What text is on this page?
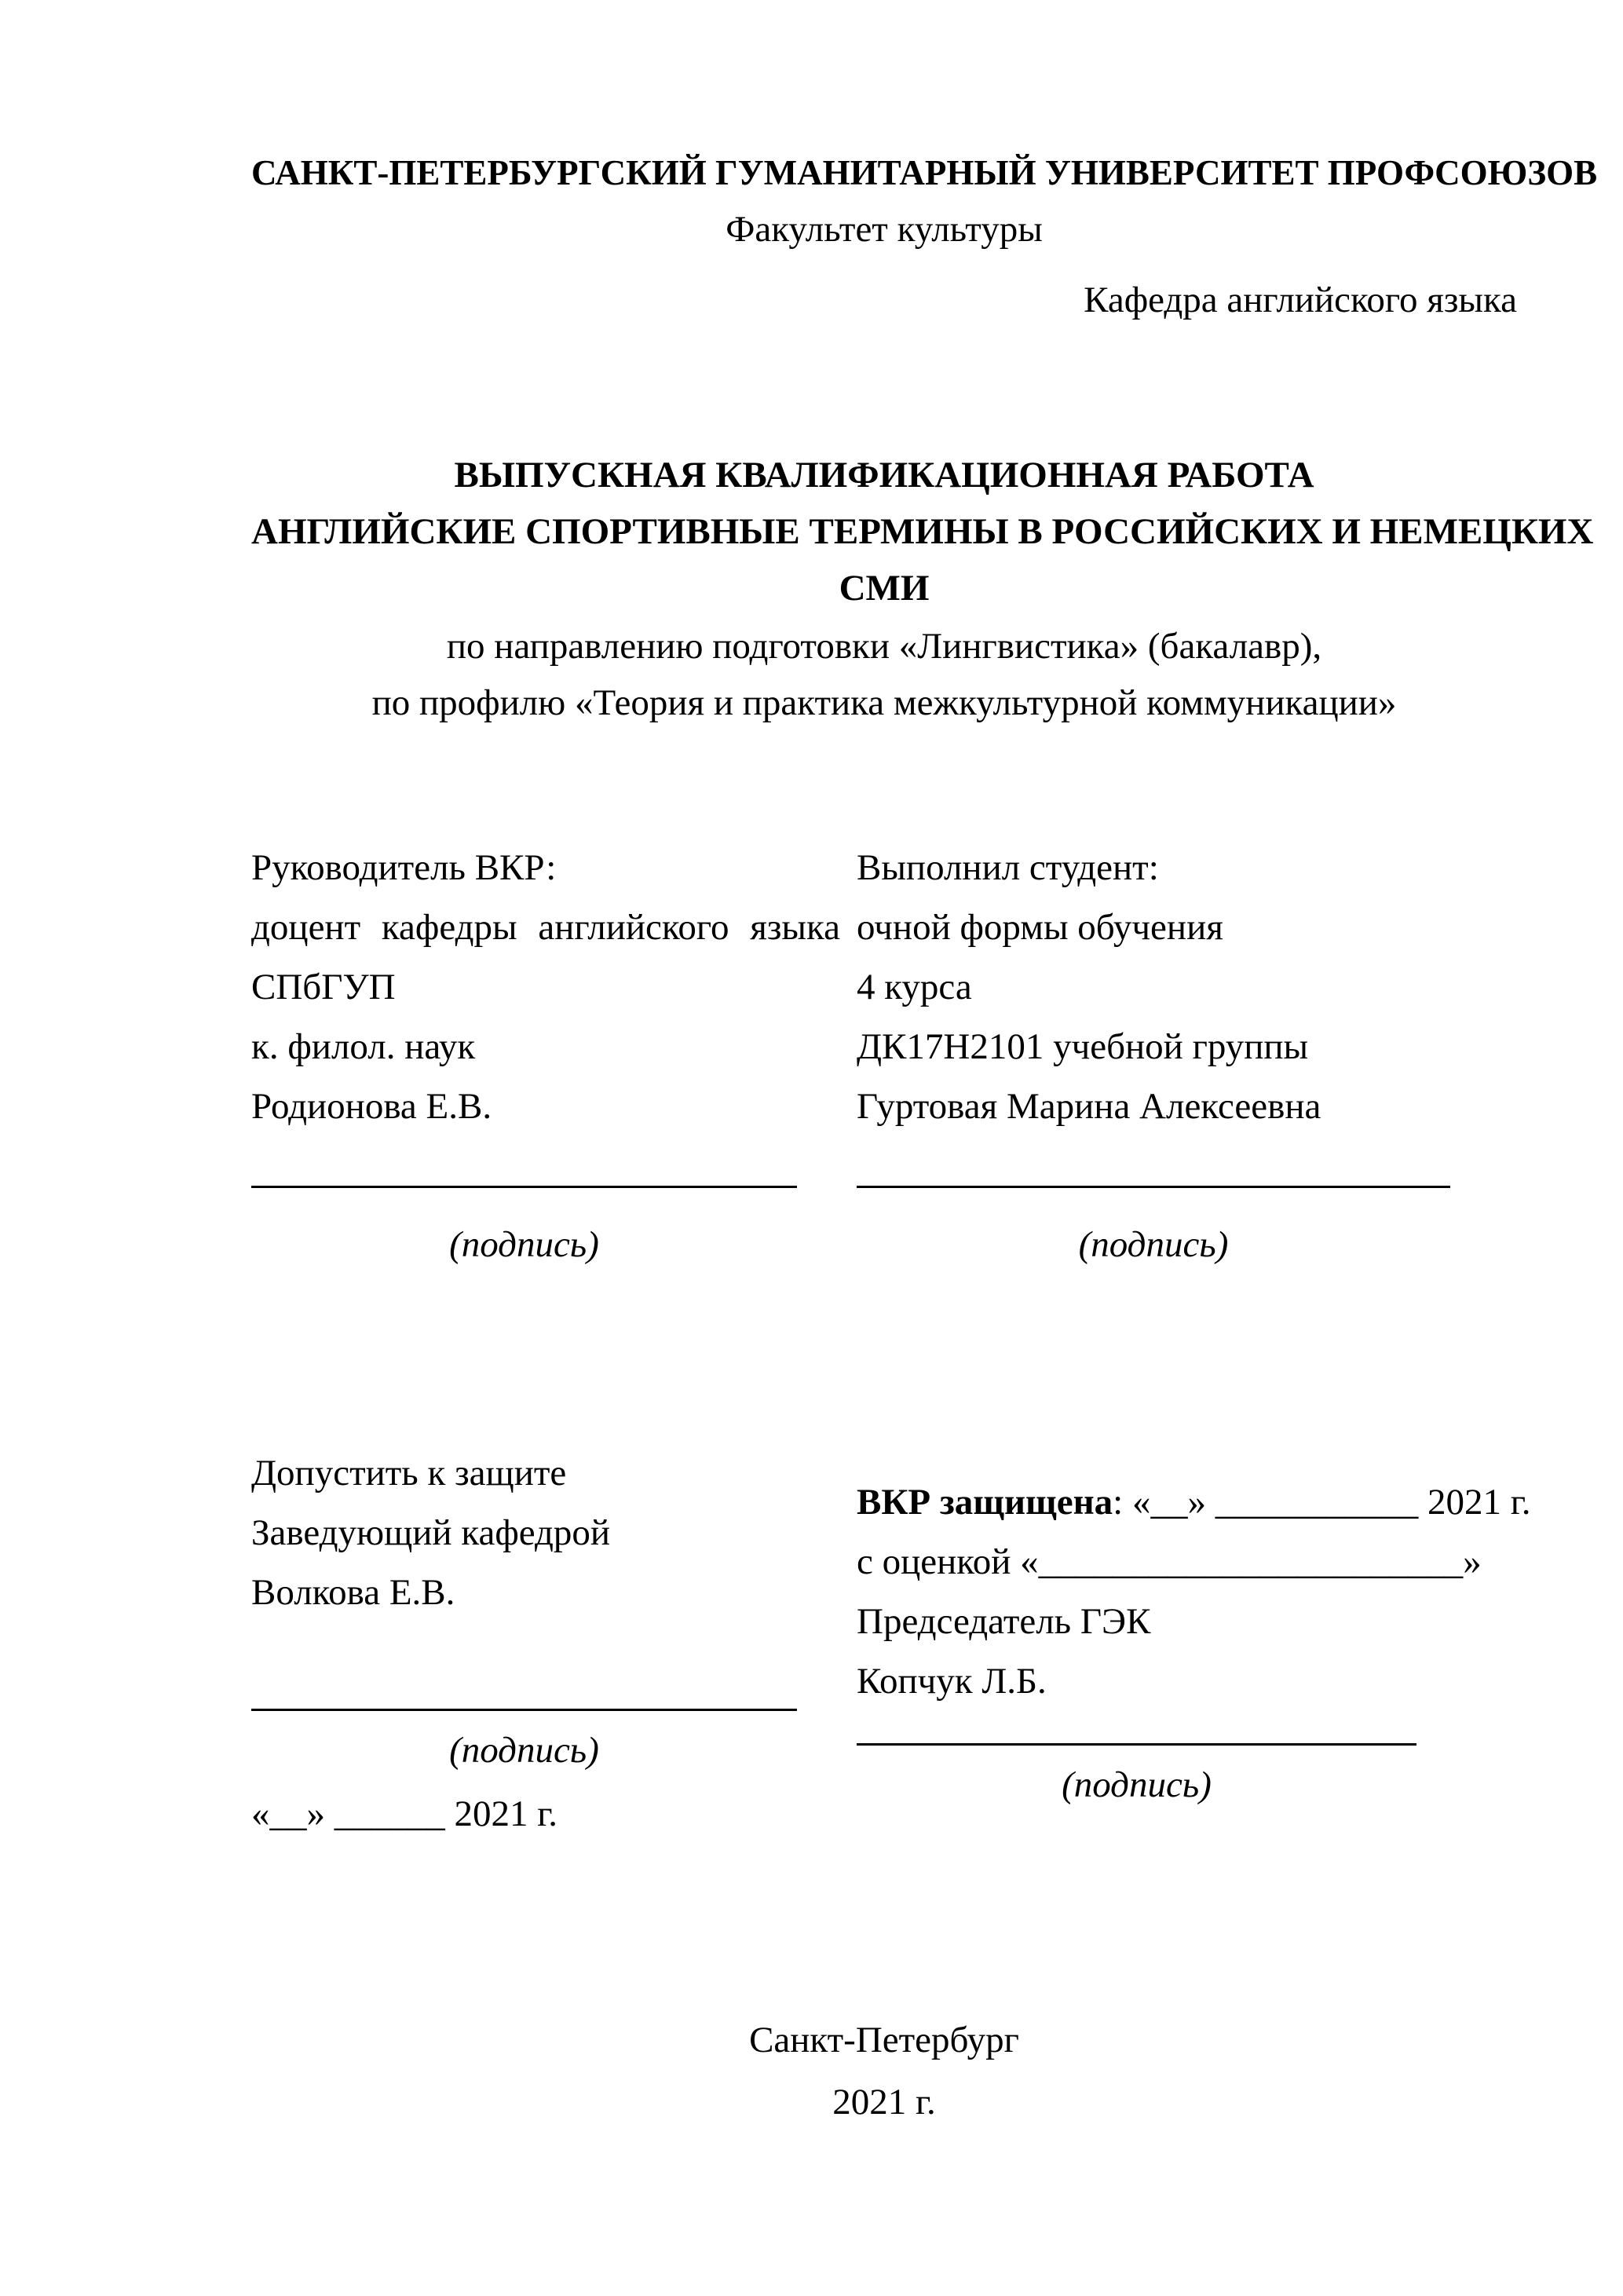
САНКТ-ПЕТЕРБУРГСКИЙ ГУМАНИТАРНЫЙ УНИВЕРСИТЕТ ПРОФСОЮЗОВ
Факультет культуры
Кафедра английского языка
ВЫПУСКНАЯ КВАЛИФИКАЦИОННАЯ РАБОТА
АНГЛИЙСКИЕ СПОРТИВНЫЕ ТЕРМИНЫ В РОССИЙСКИХ И НЕМЕЦКИХ
СМИ
по направлению подготовки «Лингвистика» (бакалавр),
по профилю «Теория и практика межкультурной коммуникации»
Руководитель ВКР:
доцент кафедры английского языка
СПбГУП
к. филол. наук
Родионова Е.В.
(подпись)
Выполнил студент:
очной формы обучения
4 курса
ДК17Н2101 учебной группы
Гуртовая Марина Алексеевна
(подпись)
Допустить к защите
Заведующий кафедрой
Волкова Е.В.
(подпись)
«__» ______ 2021 г.
ВКР защищена: «__» ___________ 2021 г.
с оценкой «_______________________»
Председатель ГЭК
Копчук Л.Б.
(подпись)
Санкт-Петербург
2021 г.
